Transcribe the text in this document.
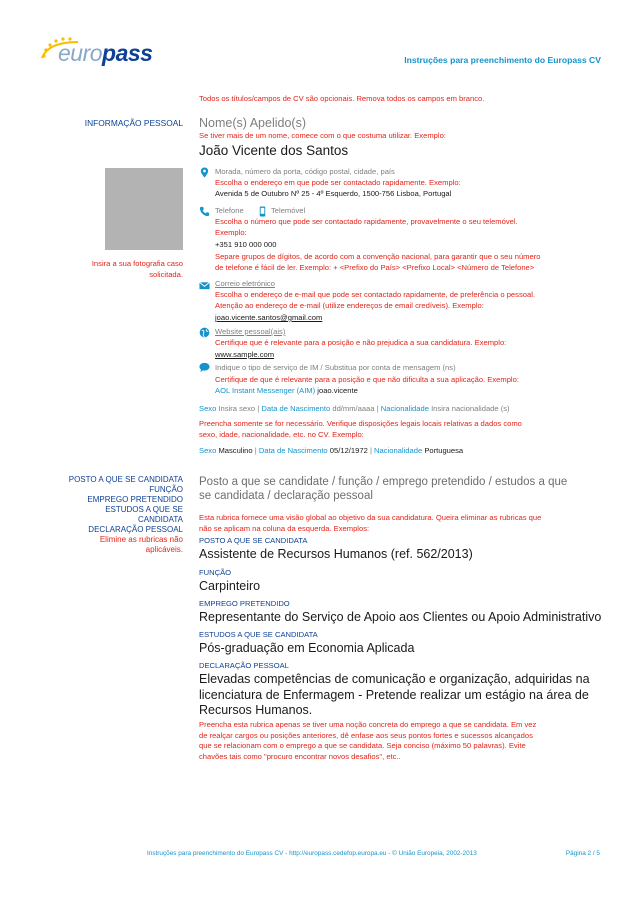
europass	Instruções para preenchimento do Europass CV
Todos os títulos/campos de CV são opcionais. Remova todos os campos em branco.
INFORMAÇÃO PESSOAL
Insira a sua fotografia caso
solicitada.
Nome(s) Apelido(s)
Se tiver mais de um nome, comece com o que costuma utilizar. Exemplo:
João Vicente dos Santos
Morada, número da porta, código postal, cidade, país
Escolha o endereço em que pode ser contactado rapidamente. Exemplo:
Avenida 5 de Outubro Nº 25 - 4º Esquerdo, 1500-756 Lisboa, Portugal
Telefone	Telemóvel
Escolha o número que pode ser contactado rapidamente, provavelmente o seu telemóvel.
Exemplo:
+351 910 000 000
Separe grupos de dígitos, de acordo com a convenção nacional, para garantir que o seu número
de telefone é fácil de ler. Exemplo: + <Prefixo do País> <Prefixo Local> <Número de Telefone>
Correio eletrónico
Escolha o endereço de e-mail que pode ser contactado rapidamente, de preferência o pessoal.
Atenção ao endereço de e-mail (utilize endereços de email credíveis). Exemplo:
joao.vicente.santos@gmail.com
Website pessoal(ais)
Certifique que é relevante para a posição e não prejudica a sua candidatura. Exemplo:
www.sample.com
Indique o tipo de serviço de IM / Substitua por conta de mensagem (ns)
Certifique de que é relevante para a posição e que não dificulta a sua aplicação. Exemplo:
AOL Instant Messenger (AIM) joao.vicente
Sexo Insira sexo | Data de Nascimento dd/mm/aaaa | Nacionalidade Insira nacionalidade (s)
Preencha somente se for necessário. Verifique disposições legais locais relativas a dados como
sexo, idade, nacionalidade, etc. no CV. Exemplo:
Sexo Masculino | Data de Nascimento 05/12/1972 | Nacionalidade Portuguesa
POSTO A QUE SE CANDIDATA
FUNÇÃO
EMPREGO PRETENDIDO
ESTUDOS A QUE SE
CANDIDATA
DECLARAÇÃO PESSOAL
Elimine as rubricas não
aplicáveis.
Posto a que se candidate / função / emprego pretendido / estudos a que
se candidata / declaração pessoal
Esta rubrica fornece uma visão global ao objetivo da sua candidatura. Queira eliminar as rubricas que
não se aplicam na coluna da esquerda. Exemplos:
POSTO A QUE SE CANDIDATA
Assistente de Recursos Humanos (ref. 562/2013)
FUNÇÃO
Carpinteiro
EMPREGO PRETENDIDO
Representante do Serviço de Apoio aos Clientes ou Apoio Administrativo
ESTUDOS A QUE SE CANDIDATA
Pós-graduação em Economia Aplicada
DECLARAÇÃO PESSOAL
Elevadas competências de comunicação e organização, adquiridas na
licenciatura de Enfermagem - Pretende realizar um estágio na área de
Recursos Humanos.
Preencha esta rubrica apenas se tiver uma noção concreta do emprego a que se candidata. Em vez
de realçar cargos ou posições anteriores, dê enfase aos seus pontos fortes e sucessos alcançados
que se relacionam com o emprego a que se candidata. Seja conciso (máximo 50 palavras). Evite
chavões tais como "procuro encontrar novos desafios", etc..
Instruções para preenchimento do Europass CV - http://europass.cedefop.europa.eu - © União Europeia, 2002-2013	Página 2 / 5
